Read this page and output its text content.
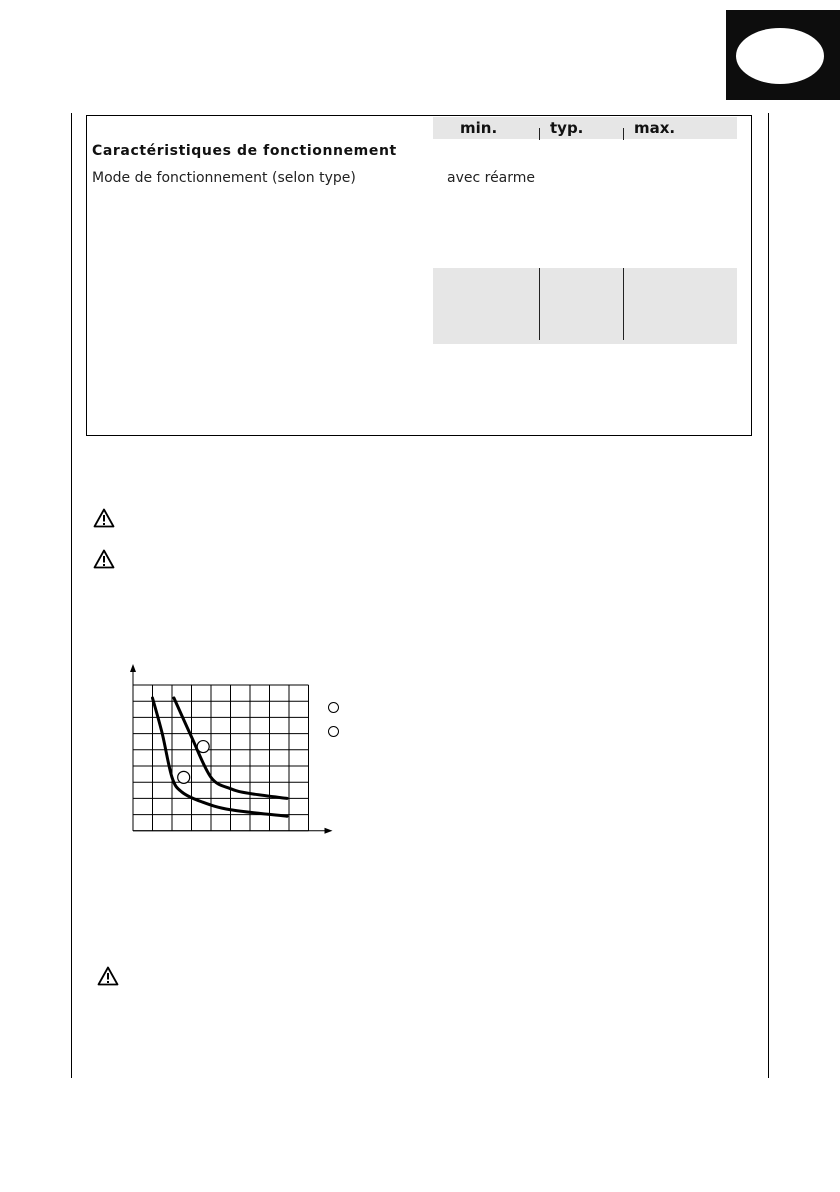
min.	typ.	max.
Caractéristiques de fonctionnement
Mode de fonctionnement (selon type)	avec réarme
